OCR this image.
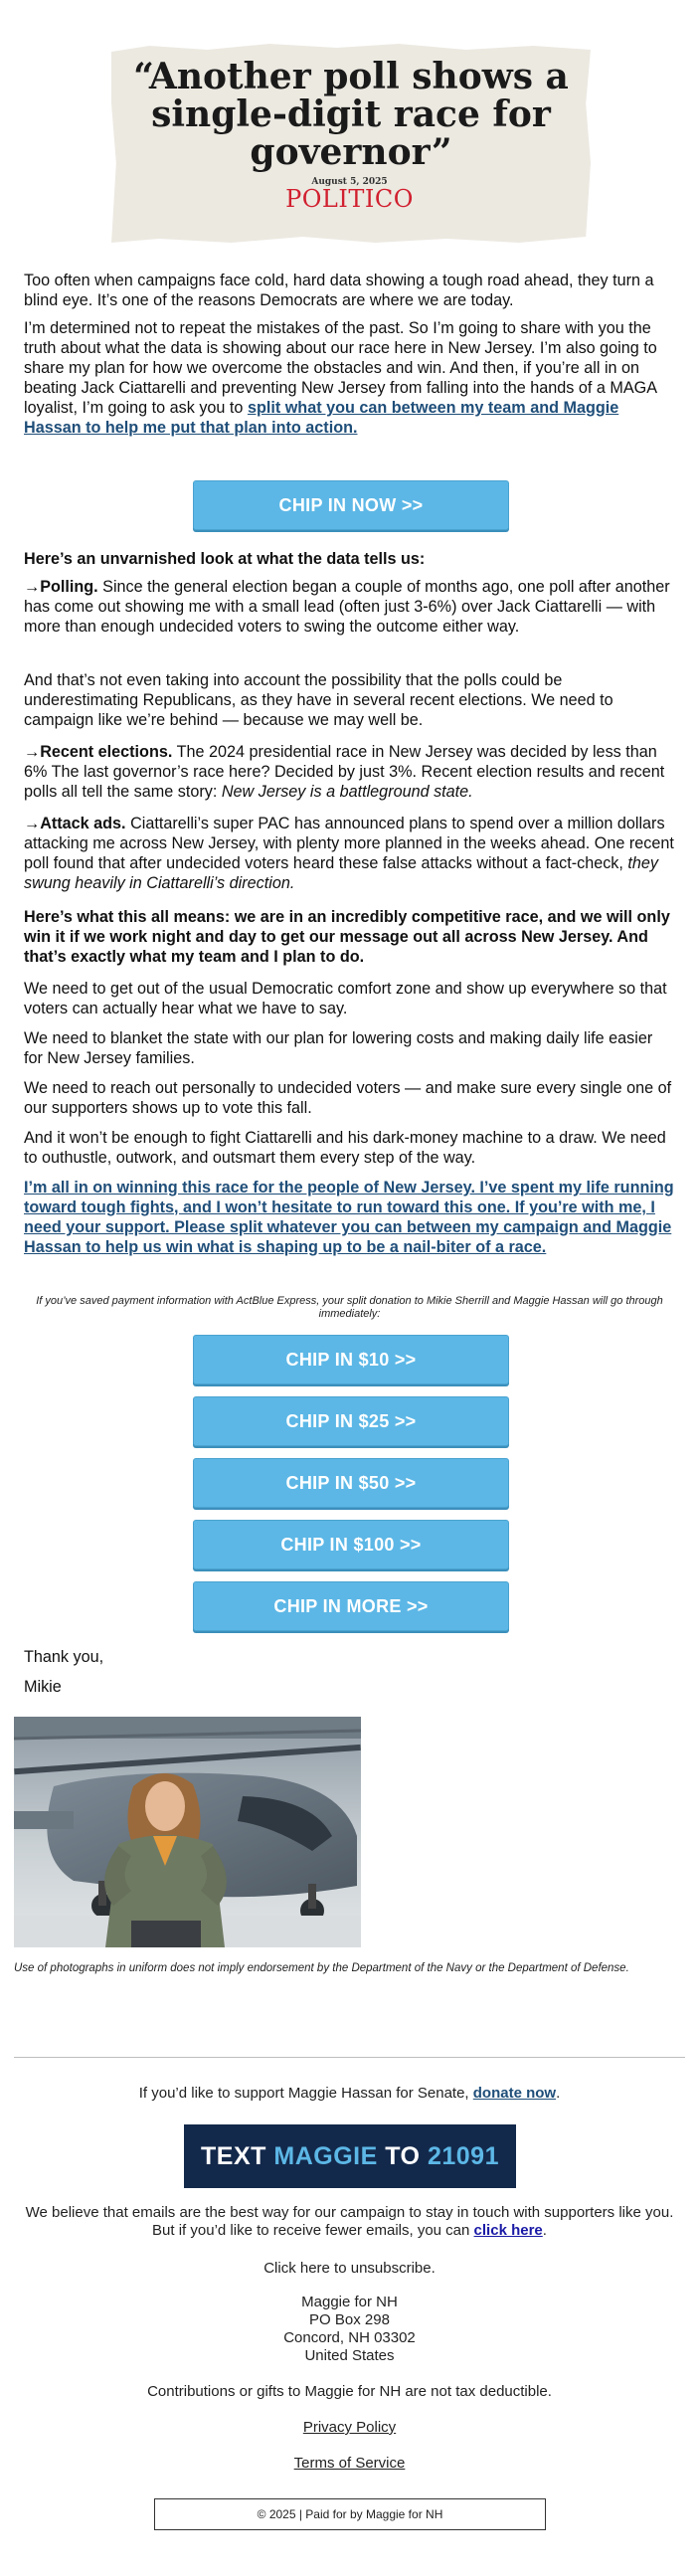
“Another poll shows a single-digit race for governor”
August 5, 2025
POLITICO

Too often when campaigns face cold, hard data showing a tough road ahead, they turn a blind eye. It’s one of the reasons Democrats are where we are today.

I’m determined not to repeat the mistakes of the past. So I’m going to share with you the truth about what the data is showing about our race here in New Jersey. I’m also going to share my plan for how we overcome the obstacles and win. And then, if you’re all in on beating Jack Ciattarelli and preventing New Jersey from falling into the hands of a MAGA loyalist, I’m going to ask you to split what you can between my team and Maggie Hassan to help me put that plan into action.

CHIP IN NOW >>
Here’s an unvarnished look at what the data tells us:

→Polling. Since the general election began a couple of months ago, one poll after another has come out showing me with a small lead (often just 3-6%) over Jack Ciattarelli — with more than enough undecided voters to swing the outcome either way.

And that’s not even taking into account the possibility that the polls could be underestimating Republicans, as they have in several recent elections. We need to campaign like we’re behind — because we may well be.

→Recent elections. The 2024 presidential race in New Jersey was decided by less than 6% The last governor’s race here? Decided by just 3%. Recent election results and recent polls all tell the same story: New Jersey is a battleground state.

→Attack ads. Ciattarelli’s super PAC has announced plans to spend over a million dollars attacking me across New Jersey, with plenty more planned in the weeks ahead. One recent poll found that after undecided voters heard these false attacks without a fact-check, they swung heavily in Ciattarelli’s direction.

Here’s what this all means: we are in an incredibly competitive race, and we will only win it if we work night and day to get our message out all across New Jersey. And that’s exactly what my team and I plan to do.
We need to get out of the usual Democratic comfort zone and show up everywhere so that voters can actually hear what we have to say.
We need to blanket the state with our plan for lowering costs and making daily life easier for New Jersey families.
We need to reach out personally to undecided voters — and make sure every single one of our supporters shows up to vote this fall.
And it won’t be enough to fight Ciattarelli and his dark-money machine to a draw. We need to outhustle, outwork, and outsmart them every step of the way.
I’m all in on winning this race for the people of New Jersey. I’ve spent my life running toward tough fights, and I won’t hesitate to run toward this one. If you’re with me, I need your support. Please split whatever you can between my campaign and Maggie Hassan to help us win what is shaping up to be a nail-biter of a race.
If you’ve saved payment information with ActBlue Express, your split donation to Mikie Sherrill and Maggie Hassan will go through immediately:
CHIP IN $10 >>
CHIP IN $25 >>
CHIP IN $50 >>
CHIP IN $100 >>
CHIP IN MORE >>
Thank you,
Mikie
Use of photographs in uniform does not imply endorsement by the Department of the Navy or the Department of Defense.
If you’d like to support Maggie Hassan for Senate, donate now.
TEXT
MAGGIE
TO
21091
We believe that emails are the best way for our campaign to stay in touch with supporters like you. But if you’d like to receive fewer emails, you can click here.
Click here to unsubscribe.
Maggie for NH
PO Box 298
Concord, NH 03302
United States
Contributions or gifts to Maggie for NH are not tax deductible.
Privacy Policy
Terms of Service
© 2025 | Paid for by Maggie for NH
